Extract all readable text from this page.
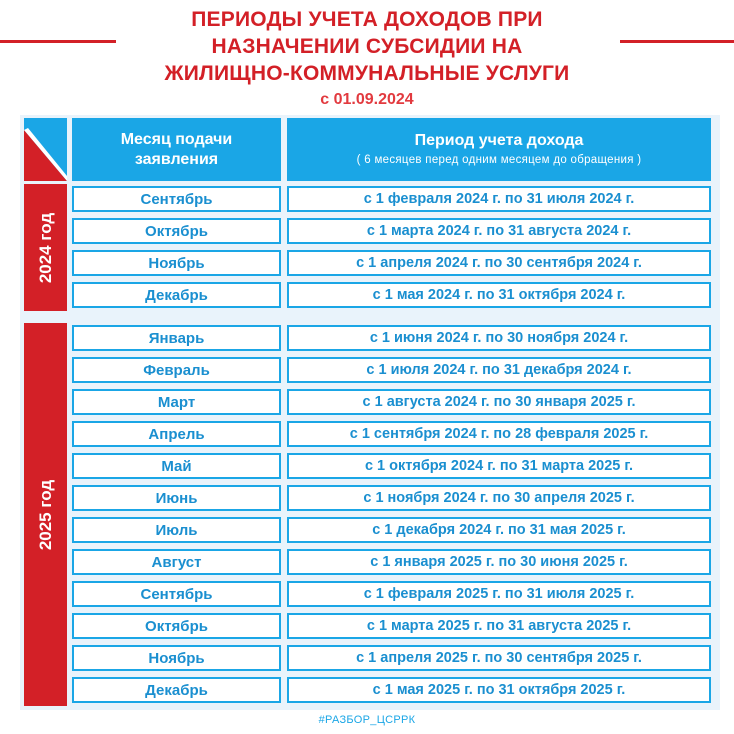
ПЕРИОДЫ УЧЕТА ДОХОДОВ ПРИ
НАЗНАЧЕНИИ СУБСИДИИ НА
ЖИЛИЩНО-КОММУНАЛЬНЫЕ УСЛУГИ
с 01.09.2024
Месяц подачи
заявления
Период учета дохода
( 6 месяцев перед одним месяцем до обращения )
2024 год
2025 год
Сентябрь	с 1 февраля 2024 г. по 31 июля 2024 г.
Октябрь	с 1 марта 2024 г. по 31 августа 2024 г.
Ноябрь	с 1 апреля 2024 г. по 30 сентября 2024 г.
Декабрь	с 1 мая 2024 г. по 31 октября 2024 г.
Январь	с 1 июня 2024 г. по 30 ноября 2024 г.
Февраль	с 1 июля 2024 г. по 31 декабря 2024 г.
Март	с 1 августа 2024 г. по 30 января 2025 г.
Апрель	с 1 сентября 2024 г. по 28 февраля 2025 г.
Май	с 1 октября 2024 г. по 31 марта 2025 г.
Июнь	с 1 ноября 2024 г. по 30 апреля 2025 г.
Июль	с 1 декабря 2024 г. по 31 мая 2025 г.
Август	с 1 января 2025 г. по 30 июня 2025 г.
Сентябрь	с 1 февраля 2025 г. по 31 июля 2025 г.
Октябрь	с 1 марта 2025 г. по 31 августа 2025 г.
Ноябрь	с 1 апреля 2025 г. по 30 сентября 2025 г.
Декабрь	с 1 мая 2025 г. по 31 октября 2025 г.
#РАЗБОР_ЦСРРК
